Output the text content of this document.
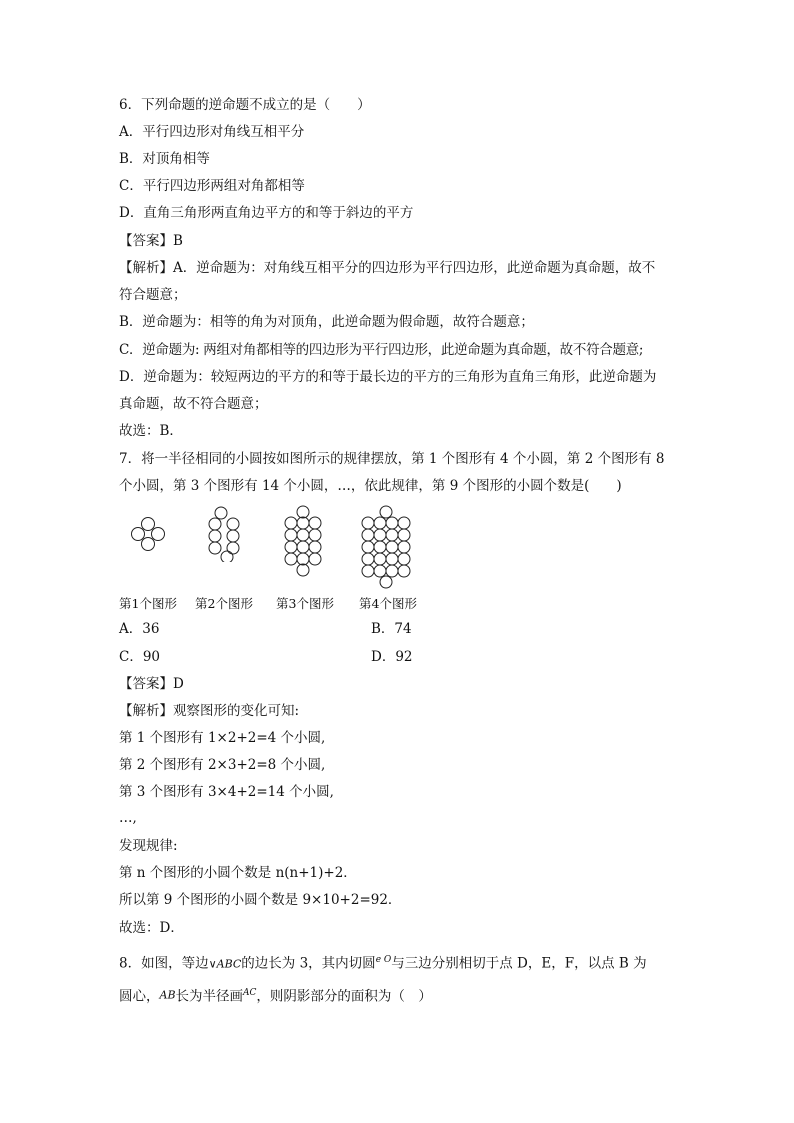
6．下列命题的逆命题不成立的是（　　）
A．平行四边形对角线互相平分
B．对顶角相等
C．平行四边形两组对角都相等
D．直角三角形两直角边平方的和等于斜边的平方
【答案】B
【解析】A．逆命题为：对角线互相平分的四边形为平行四边形，此逆命题为真命题，故不
符合题意；
B．逆命题为：相等的角为对顶角，此逆命题为假命题，故符合题意；
C．逆命题为: 两组对角都相等的四边形为平行四边形，此逆命题为真命题，故不符合题意;
D．逆命题为：较短两边的平方的和等于最长边的平方的三角形为直角三角形，此逆命题为
真命题，故不符合题意；
故选：B．
7．将一半径相同的小圆按如图所示的规律摆放，第 1 个图形有 4 个小圆，第 2 个图形有 8
个小圆，第 3 个图形有 14 个小圆，…，依此规律，第 9 个图形的小圆个数是(　　)
第1个图形 第2个图形 第3个图形 第4个图形
A．36	B．74
C．90	D．92
【答案】D
【解析】观察图形的变化可知:
第 1 个图形有 1×2+2=4 个小圆,
第 2 个图形有 2×3+2=8 个小圆,
第 3 个图形有 3×4+2=14 个小圆,
…,
发现规律:
第 n 个图形的小圆个数是 n(n+1)+2．
所以第 9 个图形的小圆个数是 9×10+2=92．
故选：D．
8．如图，等边∨ABC的边长为 3，其内切圆$^{e O}$与三边分别相切于点 D，E，F，以点 B 为
圆心，AB长为半径画$^{AC}$，则阴影部分的面积为（　）
